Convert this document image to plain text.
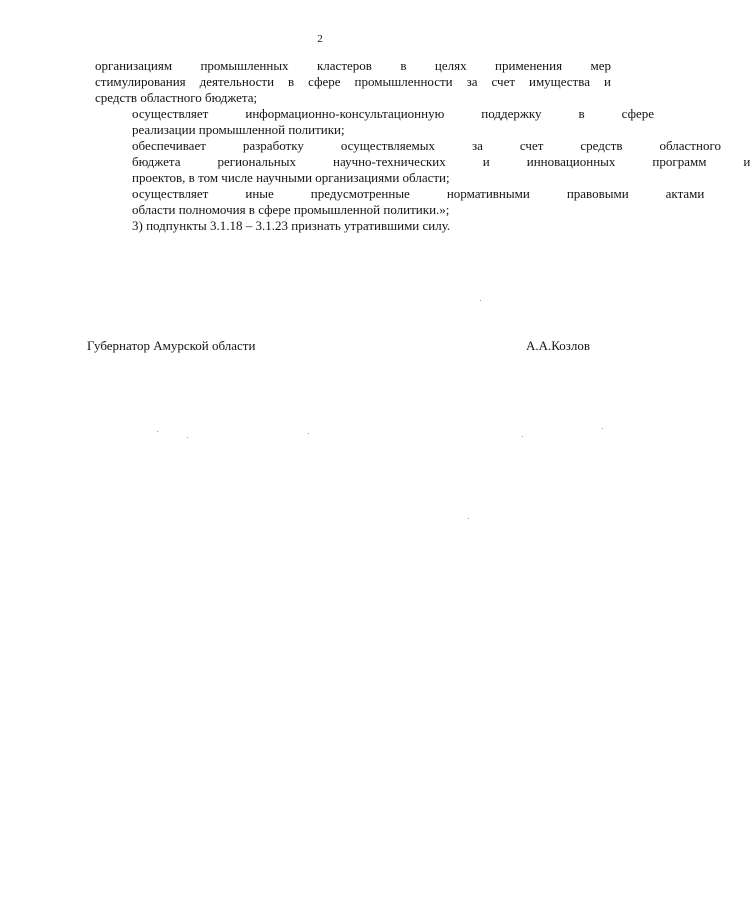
2

организациям промышленных кластеров в целях применения мер
стимулирования деятельности в сфере промышленности за счет имущества и
средств областного бюджета;

осуществляет	информационно-консультационную	поддержку	в	сфере
реализации промышленной политики;

обеспечивает	разработку	осуществляемых	за	счет	средств	областного
бюджета	региональных	научно-технических	и	инновационных	программ	и
проектов, в том числе научными организациями области;

осуществляет	иные	предусмотренные	нормативными	правовыми	актами
области полномочия в сфере промышленной политики.»;

3) подпункты 3.1.18 – 3.1.23 признать утратившими силу.

Губернатор Амурской области	А.А.Козлов
